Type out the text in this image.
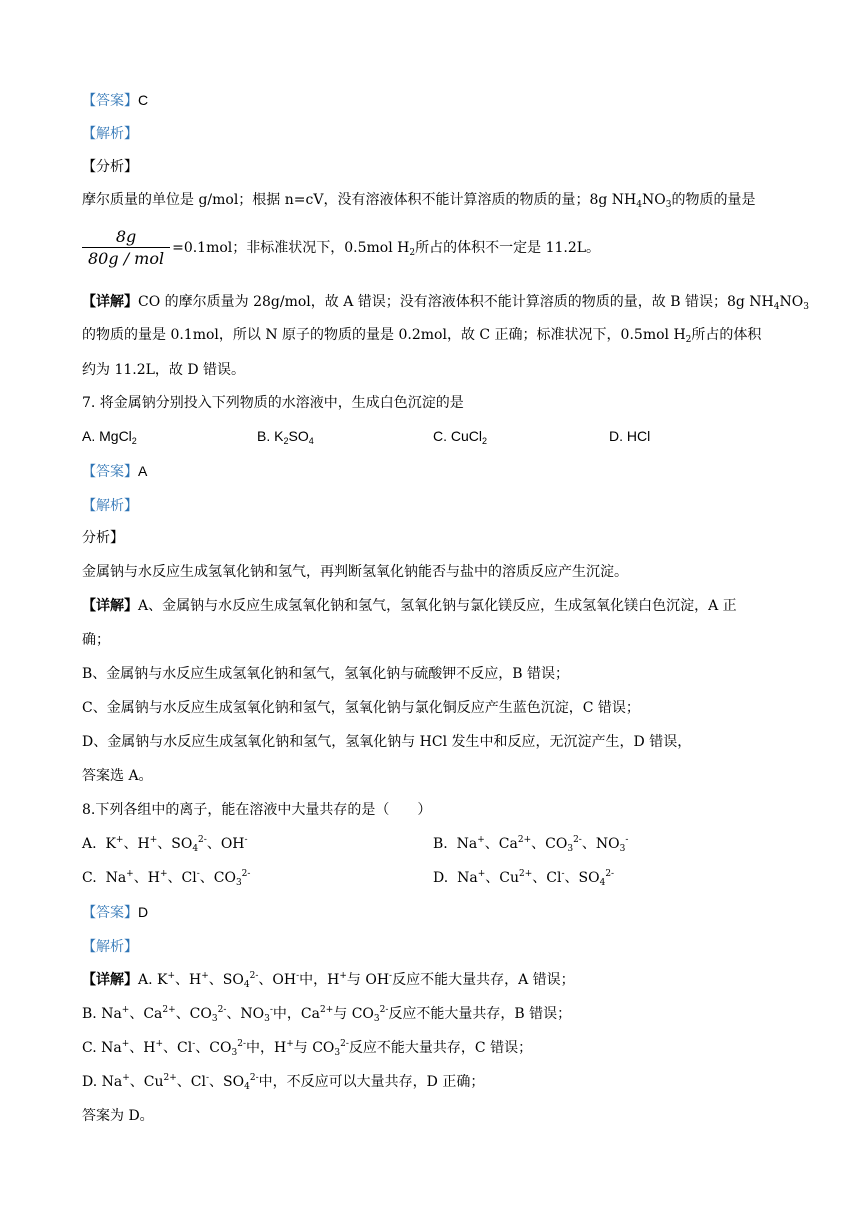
【答案】C
【解析】
【分析】
摩尔质量的单位是 g/mol；根据 n=cV，没有溶液体积不能计算溶质的物质的量；8g $NH_4NO_3$的物质的量是
$\frac{8g}{\text{80g / mol}} =0.1mol$；非标准状况下，0.5mol $H_2$所占的体积不一定是 11.2L。
【详解】CO 的摩尔质量为 28g/mol，故 A 错误；没有溶液体积不能计算溶质的物质的量，故 B 错误；8g $NH_4NO_3$
的物质的量是 0.1mol，所以 N 原子的物质的量是 0.2mol，故 C 正确；标准状况下，0.5mol $H_2$所占的体积
约为 11.2L，故 D 错误。
7. 将金属钠分别投入下列物质的水溶液中，生成白色沉淀的是
A. MgCl$_2$	B. $K_2SO_4$	C. CuCl$_2$	D. HCl
【答案】A
【解析】
分析】
金属钠与水反应生成氢氧化钠和氢气，再判断氢氧化钠能否与盐中的溶质反应产生沉淀。
【详解】A、金属钠与水反应生成氢氧化钠和氢气，氢氧化钠与氯化镁反应，生成氢氧化镁白色沉淀，A 正
确；
B、金属钠与水反应生成氢氧化钠和氢气，氢氧化钠与硫酸钾不反应，B 错误；
C、金属钠与水反应生成氢氧化钠和氢气，氢氧化钠与氯化铜反应产生蓝色沉淀，C 错误；
D、金属钠与水反应生成氢氧化钠和氢气，氢氧化钠与 HCl 发生中和反应，无沉淀产生，D 错误，
答案选 A。
8.下列各组中的离子，能在溶液中大量共存的是（　　）
A.  K+、H+、$SO_4^{2-}$、OH-	B.  Na+、$Ca^{2+}$、$CO_3^{2-}$、$NO_3^-$
C.  Na+、H+、Cl-、$CO_3^{2-}$	D.  Na+、$Cu^{2+}$、Cl-、$SO_4^{2-}$
【答案】D
【解析】
【详解】A. K+、H+、$SO_4^{2-}$、OH-中，H+与 OH-反应不能大量共存，A 错误；
B. Na+、$Ca^{2+}$、$CO_3^{2-}$、$NO_3^-$中，$Ca^{2+}$与 $CO_3^{2-}$反应不能大量共存，B 错误；
C. Na+、H+、Cl-、$CO_3^{2-}$中，H+与 $CO_3^{2-}$反应不能大量共存，C 错误；
D. Na+、$Cu^{2+}$、Cl-、$SO_4^{2-}$中，不反应可以大量共存，D 正确；
答案为 D。
